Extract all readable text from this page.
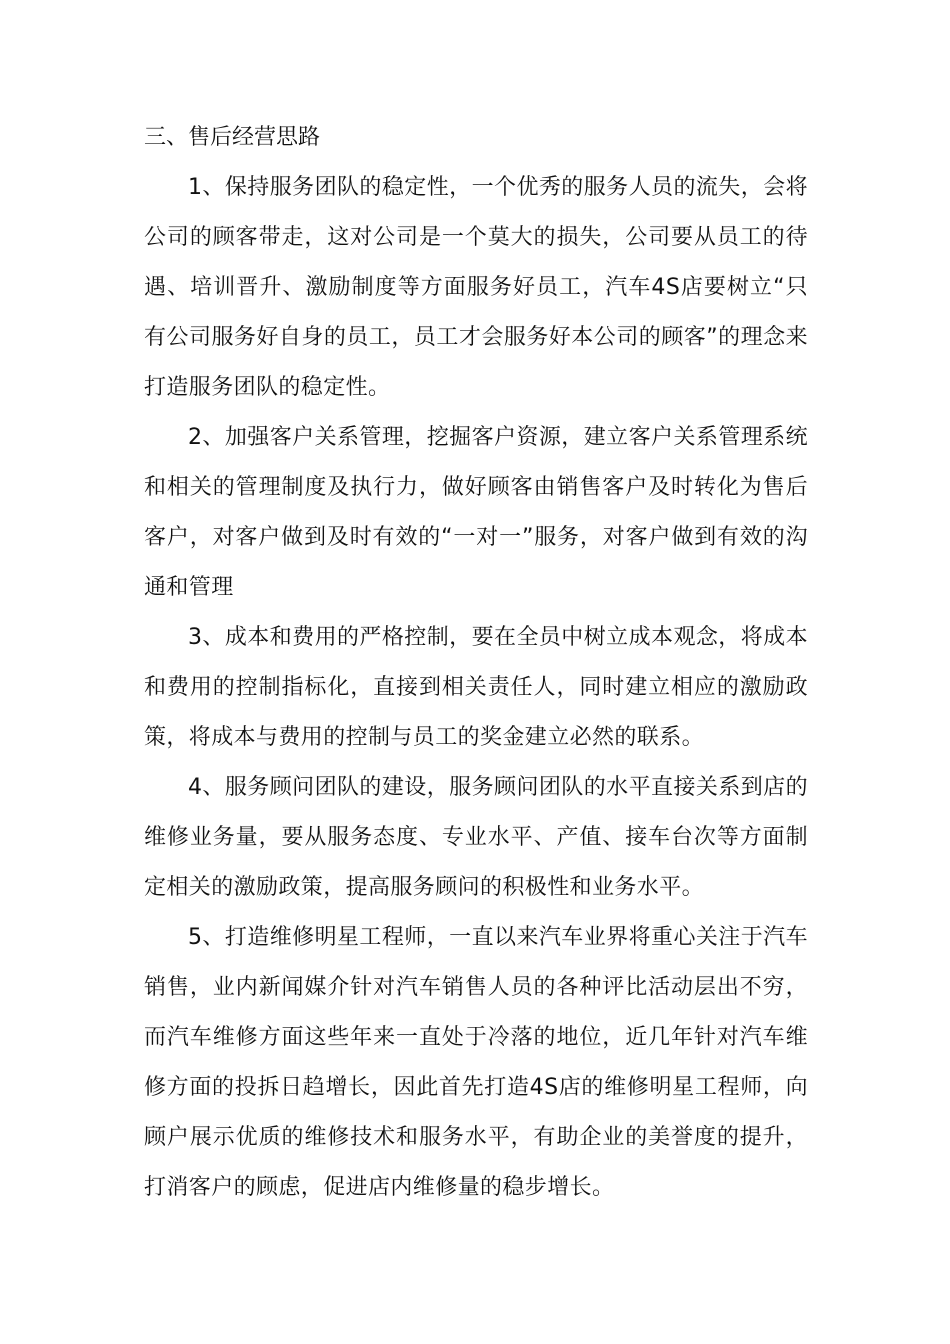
三、售后经营思路

1、保持服务团队的稳定性，一个优秀的服务人员的流失，会将公司的顾客带走，这对公司是一个莫大的损失，公司要从员工的待遇、培训晋升、激励制度等方面服务好员工，汽车4S店要树立“只有公司服务好自身的员工，员工才会服务好本公司的顾客”的理念来打造服务团队的稳定性。

2、加强客户关系管理，挖掘客户资源，建立客户关系管理系统和相关的管理制度及执行力，做好顾客由销售客户及时转化为售后客户，对客户做到及时有效的“一对一”服务，对客户做到有效的沟通和管理

3、成本和费用的严格控制，要在全员中树立成本观念，将成本和费用的控制指标化，直接到相关责任人，同时建立相应的激励政策，将成本与费用的控制与员工的奖金建立必然的联系。

4、服务顾问团队的建设，服务顾问团队的水平直接关系到店的维修业务量，要从服务态度、专业水平、产值、接车台次等方面制定相关的激励政策，提高服务顾问的积极性和业务水平。

5、打造维修明星工程师，一直以来汽车业界将重心关注于汽车销售，业内新闻媒介针对汽车销售人员的各种评比活动层出不穷，而汽车维修方面这些年来一直处于冷落的地位，近几年针对汽车维修方面的投拆日趋增长，因此首先打造4S店的维修明星工程师，向顾户展示优质的维修技术和服务水平，有助企业的美誉度的提升，打消客户的顾虑，促进店内维修量的稳步增长。
